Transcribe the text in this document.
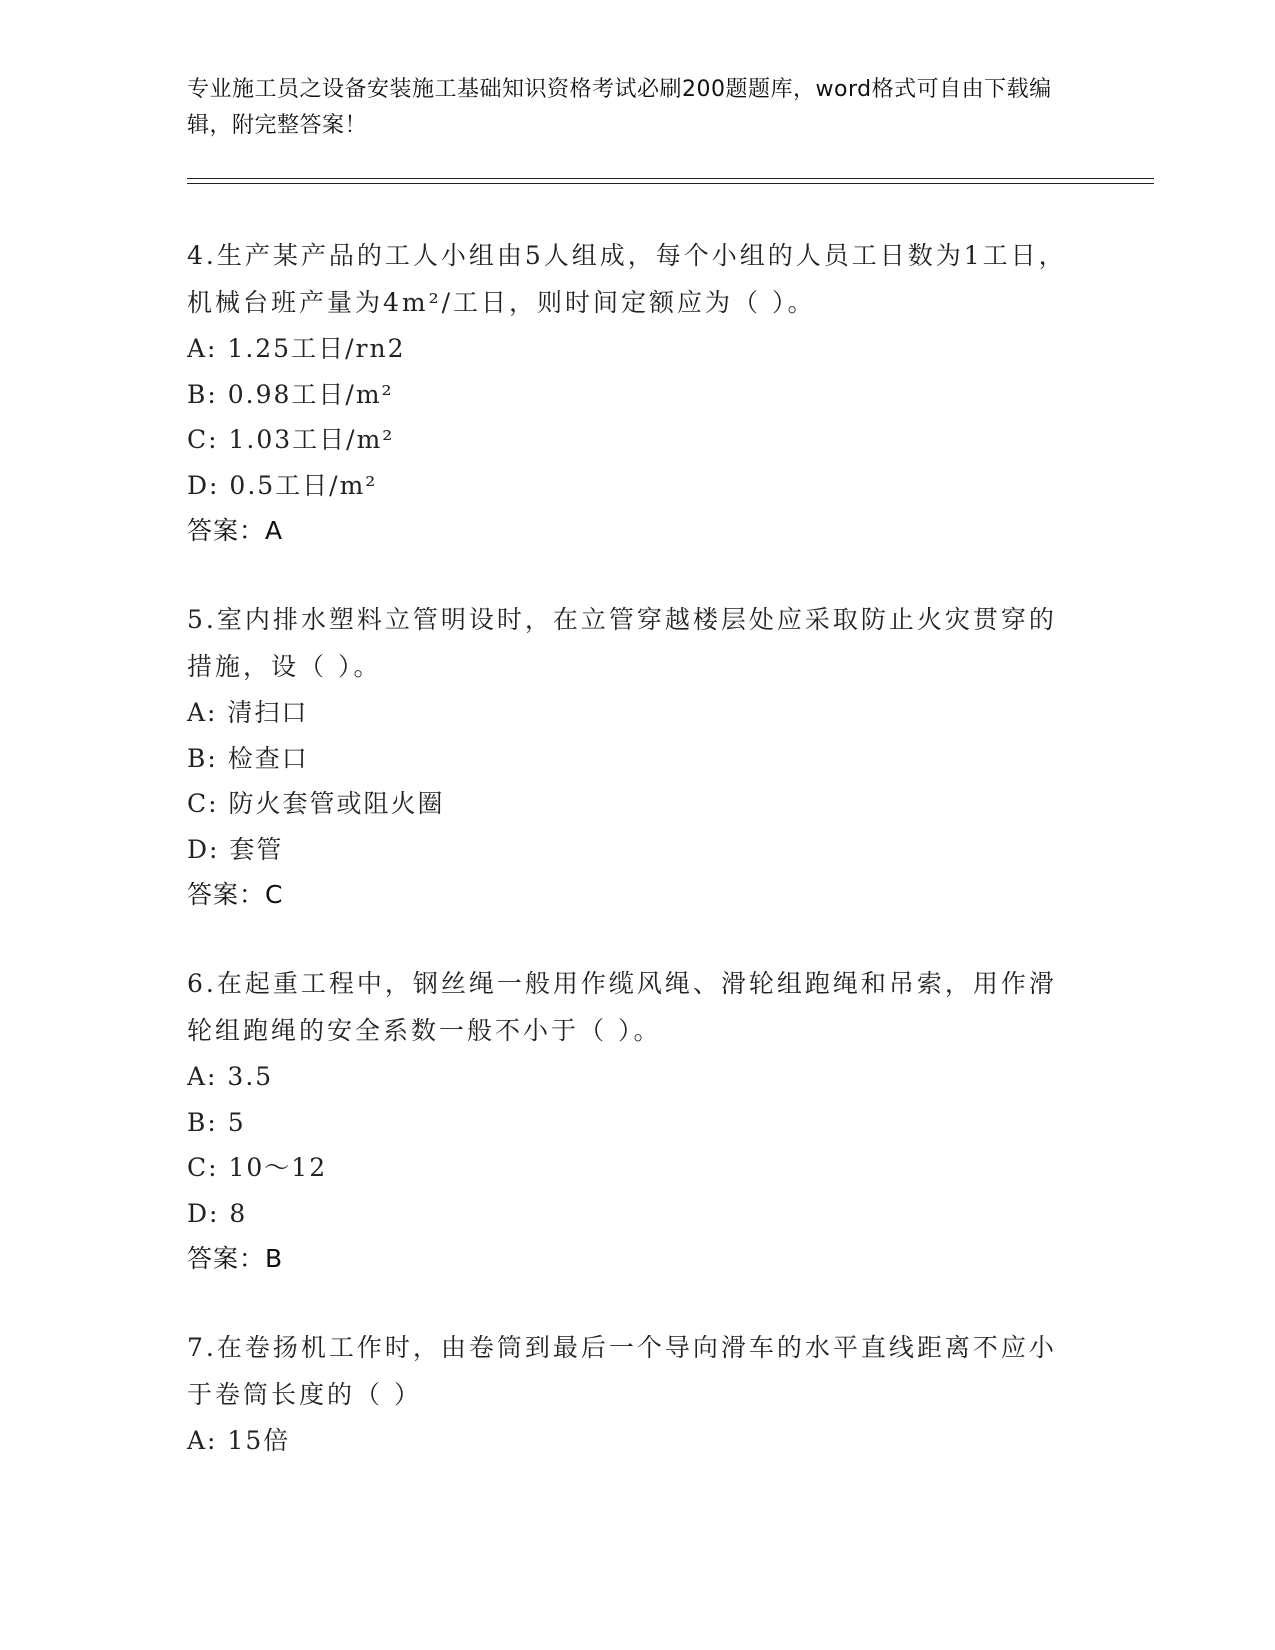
专业施工员之设备安装施工基础知识资格考试必刷200题题库，word格式可自由下载编辑，附完整答案！

4.生产某产品的工人小组由5人组成，每个小组的人员工日数为1工日，机械台班产量为4m²/工日，则时间定额应为（ ）。

A: 1.25工日/rn2

B: 0.98工日/m²

C: 1.03工日/m²

D: 0.5工日/m²

答案：A

5.室内排水塑料立管明设时，在立管穿越楼层处应采取防止火灾贯穿的措施，设（ ）。

A: 清扫口

B: 检查口

C: 防火套管或阻火圈

D: 套管

答案：C

6.在起重工程中，钢丝绳一般用作缆风绳、滑轮组跑绳和吊索，用作滑轮组跑绳的安全系数一般不小于（ ）。

A: 3.5

B: 5

C: 10～12

D: 8

答案：B

7.在卷扬机工作时，由卷筒到最后一个导向滑车的水平直线距离不应小于卷筒长度的（ ）

A: 15倍
